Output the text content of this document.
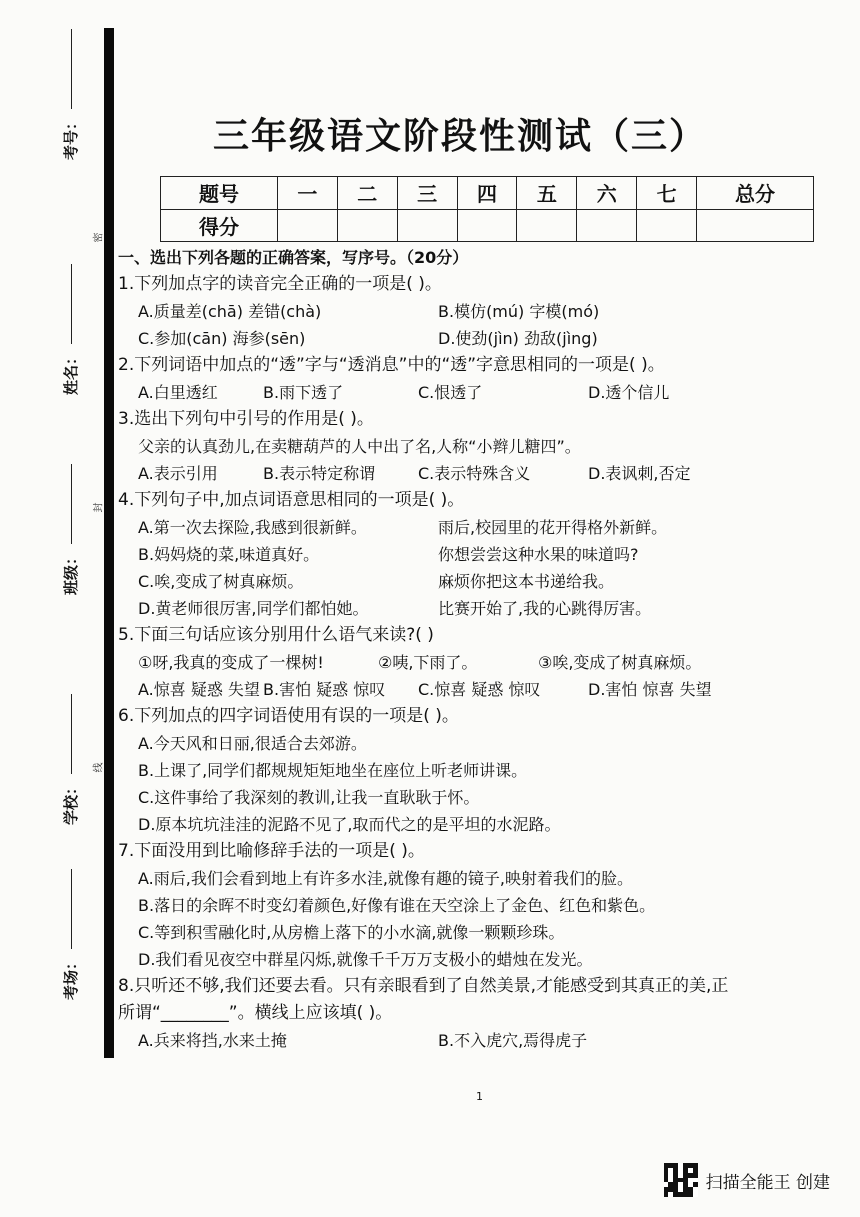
考号：
姓名：
班级：
学校：
考场：
密
封
线
三年级语文阶段性测试（三）
题号	一	二	三	四	五	六	七	总分
得分								
一、选出下列各题的正确答案，写序号。（20分）
1.下列加点字的读音完全正确的一项是( )。
A.质量差(chā) 差错(chà)	B.模仿(mú) 字模(mó)
C.参加(cān) 海参(sēn)	D.使劲(jìn) 劲敌(jìng)
2.下列词语中加点的“透”字与“透消息”中的“透”字意思相同的一项是( )。
A.白里透红	B.雨下透了	C.恨透了	D.透个信儿
3.选出下列句中引号的作用是( )。
父亲的认真劲儿,在卖糖葫芦的人中出了名,人称“小辫儿糖四”。
A.表示引用	B.表示特定称谓	C.表示特殊含义	D.表讽刺,否定
4.下列句子中,加点词语意思相同的一项是( )。
A.第一次去探险,我感到很新鲜。	雨后,校园里的花开得格外新鲜。
B.妈妈烧的菜,味道真好。	你想尝尝这种水果的味道吗?
C.唉,变成了树真麻烦。	麻烦你把这本书递给我。
D.黄老师很厉害,同学们都怕她。	比赛开始了,我的心跳得厉害。
5.下面三句话应该分别用什么语气来读?( )
①呀,我真的变成了一棵树!	②咦,下雨了。	③唉,变成了树真麻烦。
A.惊喜 疑惑 失望 B.害怕 疑惑 惊叹 C.惊喜 疑惑 惊叹	D.害怕 惊喜 失望
6.下列加点的四字词语使用有误的一项是( )。
A.今天风和日丽,很适合去郊游。
B.上课了,同学们都规规矩矩地坐在座位上听老师讲课。
C.这件事给了我深刻的教训,让我一直耿耿于怀。
D.原本坑坑洼洼的泥路不见了,取而代之的是平坦的水泥路。
7.下面没用到比喻修辞手法的一项是( )。
A.雨后,我们会看到地上有许多水洼,就像有趣的镜子,映射着我们的脸。
B.落日的余晖不时变幻着颜色,好像有谁在天空涂上了金色、红色和紫色。
C.等到积雪融化时,从房檐上落下的小水滴,就像一颗颗珍珠。
D.我们看见夜空中群星闪烁,就像千千万万支极小的蜡烛在发光。
8.只听还不够,我们还要去看。只有亲眼看到了自然美景,才能感受到其真正的美,正
所谓“________”。横线上应该填( )。
A.兵来将挡,水来土掩	B.不入虎穴,焉得虎子
1
扫描全能王 创建
